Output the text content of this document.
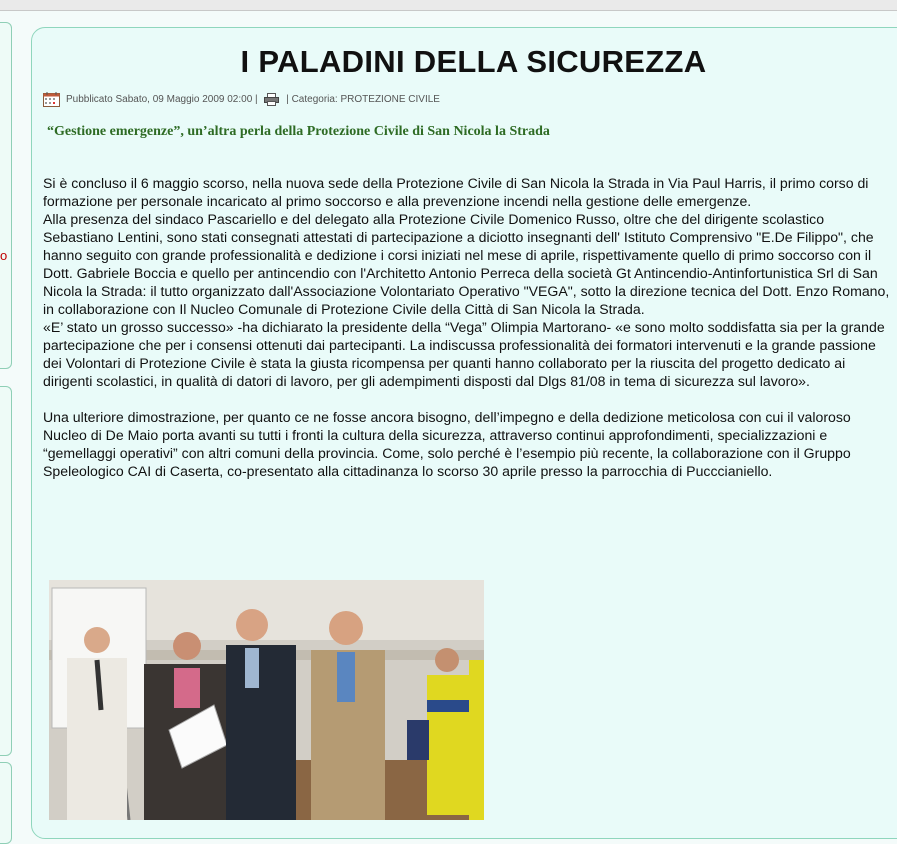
o
I PALADINI DELLA SICUREZZA
Pubblicato Sabato, 09 Maggio 2009 02:00 | | Categoria: PROTEZIONE CIVILE
“Gestione emergenze”, un’altra perla della Protezione Civile di San Nicola la Strada

Si è concluso il 6 maggio scorso, nella nuova sede della Protezione Civile di San Nicola la Strada in Via Paul Harris, il primo corso di formazione per personale incaricato al primo soccorso e alla prevenzione incendi nella gestione delle emergenze.

Alla presenza del sindaco Pascariello e del delegato alla Protezione Civile Domenico Russo, oltre che del dirigente scolastico Sebastiano Lentini, sono stati consegnati attestati di partecipazione a diciotto insegnanti dell' Istituto Comprensivo "E.De Filippo", che hanno seguito con grande professionalità e dedizione i corsi iniziati nel mese di aprile, rispettivamente quello di primo soccorso con il Dott. Gabriele Boccia e quello per antincendio con l'Architetto Antonio Perreca della società Gt Antincendio-Antinfortunistica Srl di San Nicola la Strada: il tutto organizzato dall'Associazione Volontariato Operativo "VEGA", sotto la direzione tecnica del Dott. Enzo Romano, in collaborazione con Il Nucleo Comunale di Protezione Civile della Città di San Nicola la Strada.

«E’ stato un grosso successo» -ha dichiarato la presidente della “Vega” Olimpia Martorano- «e sono molto soddisfatta sia per la grande partecipazione che per i consensi ottenuti dai partecipanti. La indiscussa professionalità dei formatori intervenuti e la grande passione dei Volontari di Protezione Civile è stata la giusta ricompensa per quanti hanno collaborato per la riuscita del progetto dedicato ai dirigenti scolastici, in qualità di datori di lavoro, per gli adempimenti disposti dal Dlgs 81/08 in tema di sicurezza sul lavoro».

Una ulteriore dimostrazione, per quanto ce ne fosse ancora bisogno, dell’impegno e della dedizione meticolosa con cui il valoroso Nucleo di De Maio porta avanti su tutti i fronti la cultura della sicurezza, attraverso continui approfondimenti, specializzazioni e “gemellaggi operativi” con altri comuni della provincia. Come, solo perché è l’esempio più recente, la collaborazione con il Gruppo Speleologico CAI di Caserta, co-presentato alla cittadinanza lo scorso 30 aprile presso la parrocchia di Pucccianiello.
